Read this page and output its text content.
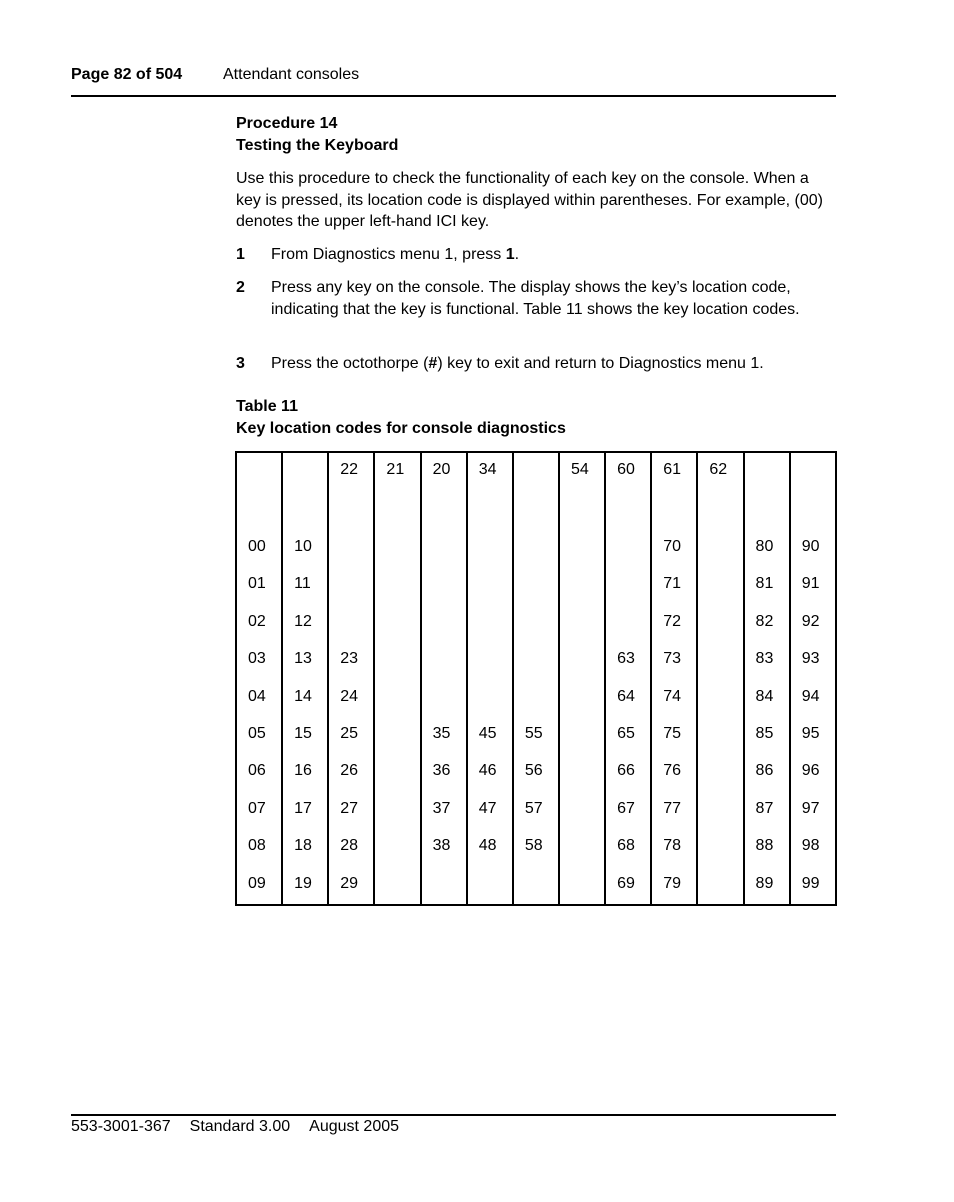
Page 82 of 504	Attendant consoles
Procedure 14
Testing the Keyboard
Use this procedure to check the functionality of each key on the console. When a key is pressed, its location code is displayed within parentheses. For example, (00) denotes the upper left-hand ICI key.
1 From Diagnostics menu 1, press 1.
2 Press any key on the console. The display shows the key’s location code, indicating that the key is functional. Table 11 shows the key location codes.
3 Press the octothorpe (#) key to exit and return to Diagnostics menu 1.
Table 11
Key location codes for console diagnostics
		22	21	20	34		54	60	61	62		
00	10								70		80	90
01	11								71		81	91
02	12								72		82	92
03	13	23						63	73		83	93
04	14	24						64	74		84	94
05	15	25		35	45	55		65	75		85	95
06	16	26		36	46	56		66	76		86	96
07	17	27		37	47	57		67	77		87	97
08	18	28		38	48	58		68	78		88	98
09	19	29						69	79		89	99
553-3001-367 Standard 3.00 August 2005
